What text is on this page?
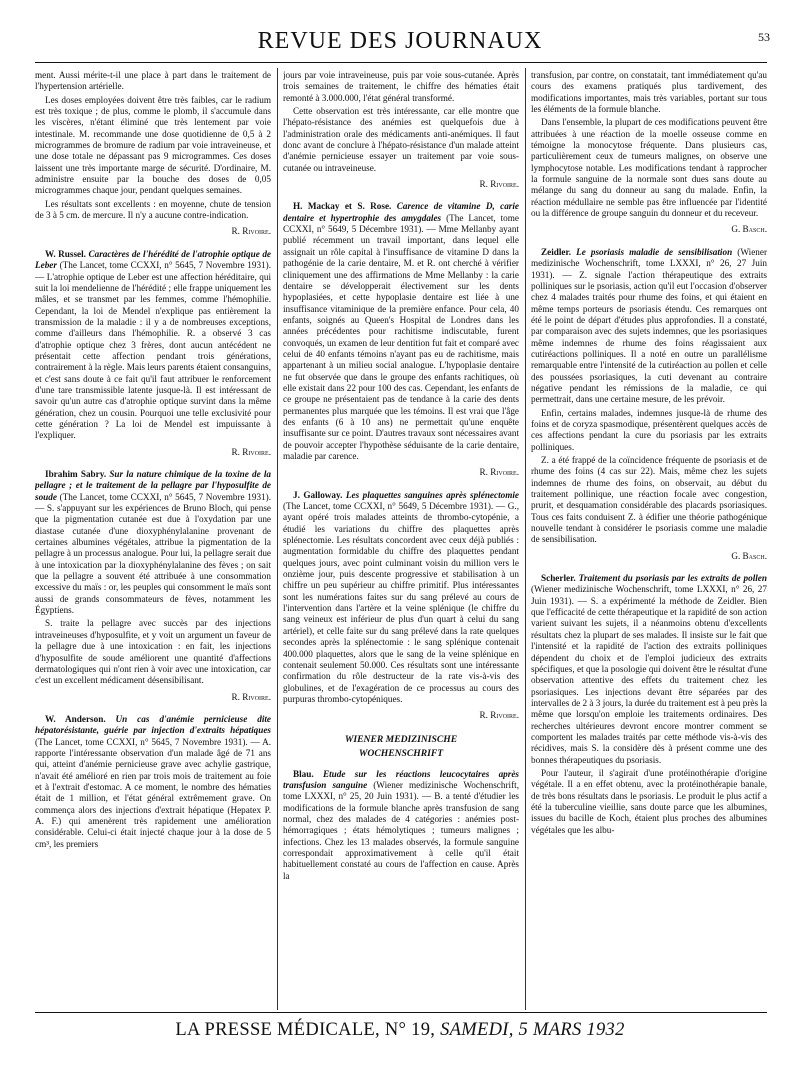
REVUE DES JOURNAUX	53

ment. Aussi mérite-t-il une place à part dans le traitement de l'hypertension artérielle.

Les doses employées doivent être très faibles, car le radium est très toxique ; de plus, comme le plomb, il s'accumule dans les viscères, n'étant éliminé que très lentement par voie intestinale. M. recommande une dose quotidienne de 0,5 à 2 microgrammes de bromure de radium par voie intraveineuse, et une dose totale ne dépassant pas 9 microgrammes. Ces doses laissent une très importante marge de sécurité. D'ordinaire, M. administre ensuite par la bouche des doses de 0,05 microgrammes chaque jour, pendant quelques semaines.

Les résultats sont excellents : en moyenne, chute de tension de 3 à 5 cm. de mercure. Il n'y a aucune contre-indication.

R. Rivoire.

W. Russel. Caractères de l'hérédité de l'atrophie optique de Leber (The Lancet, tome CCXXI, n° 5645, 7 Novembre 1931). — L'atrophie optique de Leber est une affection héréditaire, qui suit la loi mendelienne de l'hérédité ; elle frappe uniquement les mâles, et se transmet par les femmes, comme l'hémophilie. Cependant, la loi de Mendel n'explique pas entièrement la transmission de la maladie : il y a de nombreuses exceptions, comme d'ailleurs dans l'hémophilie. R. a observé 3 cas d'atrophie optique chez 3 frères, dont aucun antécédent ne présentait cette affection pendant trois générations, contrairement à la règle. Mais leurs parents étaient consanguins, et c'est sans doute à ce fait qu'il faut attribuer le renforcement d'une tare transmissible latente jusque-là. Il est intéressant de savoir qu'un autre cas d'atrophie optique survint dans la même génération, chez un cousin. Pourquoi une telle exclusivité pour cette génération ? La loi de Mendel est impuissante à l'expliquer.

R. Rivoire.

Ibrahim Sabry. Sur la nature chimique de la toxine de la pellagre ; et le traitement de la pellagre par l'hyposulfite de soude (The Lancet, tome CCXXI, n° 5645, 7 Novembre 1931). — S. s'appuyant sur les expériences de Bruno Bloch, qui pense que la pigmentation cutanée est due à l'oxydation par une diastase cutanée d'une dioxyphénylalanine provenant de certaines albumines végétales, attribue la pigmentation de la pellagre à un processus analogue. Pour lui, la pellagre serait due à une intoxication par la dioxyphénylalanine des fèves ; on sait que la pellagre a souvent été attribuée à une consommation excessive du maïs : or, les peuples qui consomment le maïs sont aussi de grands consommateurs de fèves, notamment les Égyptiens.

S. traite la pellagre avec succès par des injections intraveineuses d'hyposulfite, et y voit un argument un faveur de la pellagre due à une intoxication : en fait, les injections d'hyposulfite de soude améliorent une quantité d'affections dermatologiques qui n'ont rien à voir avec une intoxication, car c'est un excellent médicament désensibilisant.

R. Rivoire.

W. Anderson. Un cas d'anémie pernicieuse dite hépatorésistante, guérie par injection d'extraits hépatiques (The Lancet, tome CCXXI, n° 5645, 7 Novembre 1931). — A. rapporte l'intéressante observation d'un malade âgé de 71 ans qui, atteint d'anémie pernicieuse grave avec achylie gastrique, n'avait été amélioré en rien par trois mois de traitement au foie et à l'extrait d'estomac. A ce moment, le nombre des hématies était de 1 million, et l'état général extrêmement grave. On commença alors des injections d'extrait hépatique (Hepatex P. A. F.) qui amenèrent très rapidement une amélioration considérable. Celui-ci était injecté chaque jour à la dose de 5 cm³, les premiers

jours par voie intraveineuse, puis par voie sous-cutanée. Après trois semaines de traitement, le chiffre des hématies était remonté à 3.000.000, l'état général transformé.

Cette observation est très intéressante, car elle montre que l'hépato-résistance des anémies est quelquefois due à l'administration orale des médicaments anti-anémiques. Il faut donc avant de conclure à l'hépato-résistance d'un malade atteint d'anémie pernicieuse essayer un traitement par voie sous-cutanée ou intraveineuse.

R. Rivoire.

H. Mackay et S. Rose. Carence de vitamine D, carie dentaire et hypertrophie des amygdales (The Lancet, tome CCXXI, n° 5649, 5 Décembre 1931). — Mme Mellanby ayant publié récemment un travail important, dans lequel elle assignait un rôle capital à l'insuffisance de vitamine D dans la pathogénie de la carie dentaire, M. et R. ont cherché à vérifier cliniquement une des affirmations de Mme Mellanby : la carie dentaire se développerait électivement sur les dents hypoplasiées, et cette hypoplasie dentaire est liée à une insuffisance vitaminique de la première enfance. Pour cela, 40 enfants, soignés au Queen's Hospital de Londres dans les années précédentes pour rachitisme indiscutable, furent convoqués, un examen de leur dentition fut fait et comparé avec celui de 40 enfants témoins n'ayant pas eu de rachitisme, mais appartenant à un milieu social analogue. L'hypoplasie dentaire ne fut observée que dans le groupe des enfants rachitiques, où elle existait dans 22 pour 100 des cas. Cependant, les enfants de ce groupe ne présentaient pas de tendance à la carie des dents permanentes plus marquée que les témoins. Il est vrai que l'âge des enfants (6 à 10 ans) ne permettait qu'une enquête insuffisante sur ce point. D'autres travaux sont nécessaires avant de pouvoir accepter l'hypothèse séduisante de la carie dentaire, maladie par carence.

R. Rivoire.

J. Galloway. Les plaquettes sanguines après splénectomie (The Lancet, tome CCXXI, n° 5649, 5 Décembre 1931). — G., ayant opéré trois malades atteints de thrombo-cytopénie, a étudié les variations du chiffre des plaquettes après splénectomie. Les résultats concordent avec ceux déjà publiés : augmentation formidable du chiffre des plaquettes pendant quelques jours, avec point culminant voisin du million vers le onzième jour, puis descente progressive et stabilisation à un chiffre un peu supérieur au chiffre primitif. Plus intéressantes sont les numérations faites sur du sang prélevé au cours de l'intervention dans l'artère et la veine splénique (le chiffre du sang veineux est inférieur de plus d'un quart à celui du sang artériel), et celle faite sur du sang prélevé dans la rate quelques secondes après la splénectomie : le sang splénique contenait 400.000 plaquettes, alors que le sang de la veine splénique en contenait seulement 50.000. Ces résultats sont une intéressante confirmation du rôle destructeur de la rate vis-à-vis des globulines, et de l'exagération de ce processus au cours des purpuras thrombo-cytopéniques.

R. Rivoire.

WIENER MEDIZINISCHE
WOCHENSCHRIFT

Blau. Etude sur les réactions leucocytaires après transfusion sanguine (Wiener medizinische Wochenschrift, tome LXXXI, n° 25, 20 Juin 1931). — B. a tenté d'étudier les modifications de la formule blanche après transfusion de sang normal, chez des malades de 4 catégories : anémies post-hémorragiques ; états hémolytiques ; tumeurs malignes ; infections. Chez les 13 malades observés, la formule sanguine correspondait approximativement à celle qu'il était habituellement constaté au cours de l'affection en cause. Après la

transfusion, par contre, on constatait, tant immédiatement qu'au cours des examens pratiqués plus tardivement, des modifications importantes, mais très variables, portant sur tous les éléments de la formule blanche.

Dans l'ensemble, la plupart de ces modifications peuvent être attribuées à une réaction de la moelle osseuse comme en témoigne la monocytose fréquente. Dans plusieurs cas, particulièrement ceux de tumeurs malignes, on observe une lymphocytose notable. Les modifications tendant à rapprocher la formule sanguine de la normale sont dues sans doute au mélange du sang du donneur au sang du malade. Enfin, la réaction médullaire ne semble pas être influencée par l'identité ou la différence de groupe sanguin du donneur et du receveur.

G. Basch.

Zeidler. Le psoriasis maladie de sensibilisation (Wiener medizinische Wochenschrift, tome LXXXI, n° 26, 27 Juin 1931). — Z. signale l'action thérapeutique des extraits polliniques sur le psoriasis, action qu'il eut l'occasion d'observer chez 4 malades traités pour rhume des foins, et qui étaient en même temps porteurs de psoriasis étendu. Ces remarques ont été le point de départ d'études plus approfondies. Il a constaté, par comparaison avec des sujets indemnes, que les psoriasiques même indemnes de rhume des foins réagissaient aux cutiréactions polliniques. Il a noté en outre un parallélisme remarquable entre l'intensité de la cutiréaction au pollen et celle des poussées psoriasiques, la cuti devenant au contraire négative pendant les rémissions de la maladie, ce qui permettrait, dans une certaine mesure, de les prévoir.

Enfin, certains malades, indemnes jusque-là de rhume des foins et de coryza spasmodique, présentèrent quelques accès de ces affections pendant la cure du psoriasis par les extraits polliniques.

Z. a été frappé de la coïncidence fréquente de psoriasis et de rhume des foins (4 cas sur 22). Mais, même chez les sujets indemnes de rhume des foins, on observait, au début du traitement pollinique, une réaction focale avec congestion, prurit, et desquamation considérable des placards psoriasiques. Tous ces faits conduisent Z. à édifier une théorie pathogénique nouvelle tendant à considérer le psoriasis comme une maladie de sensibilisation.

G. Basch.

Scherler. Traitement du psoriasis par les extraits de pollen (Wiener medizinische Wochenschrift, tome LXXXI, n° 26, 27 Juin 1931). — S. a expérimenté la méthode de Zeidler. Bien que l'efficacité de cette thérapeutique et la rapidité de son action varient suivant les sujets, il a néanmoins obtenu d'excellents résultats chez la plupart de ses malades. Il insiste sur le fait que l'intensité et la rapidité de l'action des extraits polliniques dépendent du choix et de l'emploi judicieux des extraits spécifiques, et que la posologie qui doivent être le résultat d'une observation attentive des effets du traitement chez les psoriasiques. Les injections devant être séparées par des intervalles de 2 à 3 jours, la durée du traitement est à peu près la même que lorsqu'on emploie les traitements ordinaires. Des recherches ultérieures devront encore montrer comment se comportent les malades traités par cette méthode vis-à-vis des récidives, mais S. la considère dès à présent comme une des bonnes thérapeutiques du psoriasis.

Pour l'auteur, il s'agirait d'une protéinothérapie d'origine végétale. Il a en effet obtenu, avec la protéinothérapie banale, de très bons résultats dans le psoriasis. Le produit le plus actif a été la tuberculine vieillie, sans doute parce que les albumines, issues du bacille de Koch, étaient plus proches des albumines végétales que les albu-

LA PRESSE MÉDICALE, N° 19, SAMEDI, 5 MARS 1932
